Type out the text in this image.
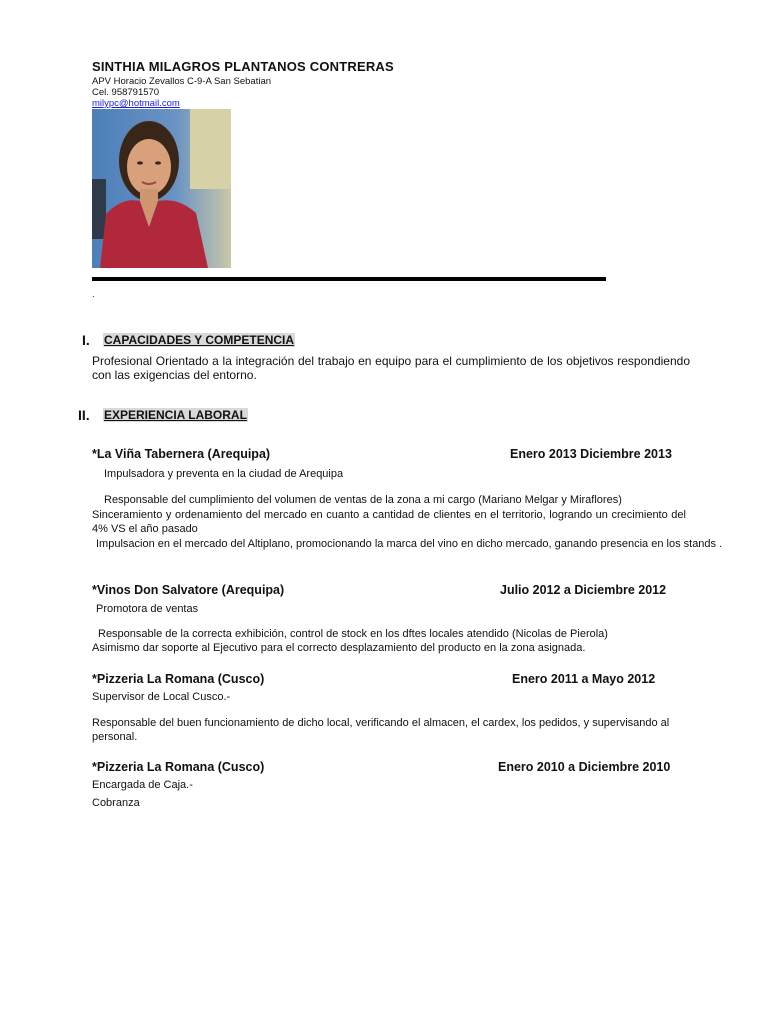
SINTHIA MILAGROS PLANTANOS CONTRERAS
APV Horacio Zevallos C-9-A San Sebatian
Cel. 958791570
milypc@hotmail.com
.
I. CAPACIDADES Y COMPETENCIA
Profesional Orientado a la integración del trabajo en equipo para el cumplimiento de los objetivos respondiendo con las exigencias del entorno.
II. EXPERIENCIA LABORAL
*La Viña Tabernera (Arequipa)	Enero 2013 Diciembre 2013
Impulsadora y preventa en la ciudad de Arequipa
Responsable del cumplimiento del volumen de ventas de la zona a mi cargo (Mariano Melgar y Miraflores)
Sinceramiento y ordenamiento del mercado en cuanto a cantidad de clientes en el territorio, logrando un crecimiento del 4% VS el año pasado
Impulsacion en el mercado del Altiplano, promocionando la marca del vino en dicho mercado, ganando presencia en los stands .
*Vinos Don Salvatore (Arequipa)	Julio 2012 a Diciembre 2012
Promotora de ventas
Responsable de la correcta exhibición, control de stock en los dftes locales atendido (Nicolas de Pierola)
Asimismo dar soporte al Ejecutivo para el correcto desplazamiento del producto en la zona asignada.
*Pizzeria La Romana (Cusco)	Enero 2011 a Mayo 2012
Supervisor de Local Cusco.-
Responsable del buen funcionamiento de dicho local, verificando el almacen, el cardex, los pedidos, y supervisando al personal.
*Pizzeria La Romana (Cusco)	Enero 2010 a Diciembre 2010
Encargada de Caja.-
Cobranza
